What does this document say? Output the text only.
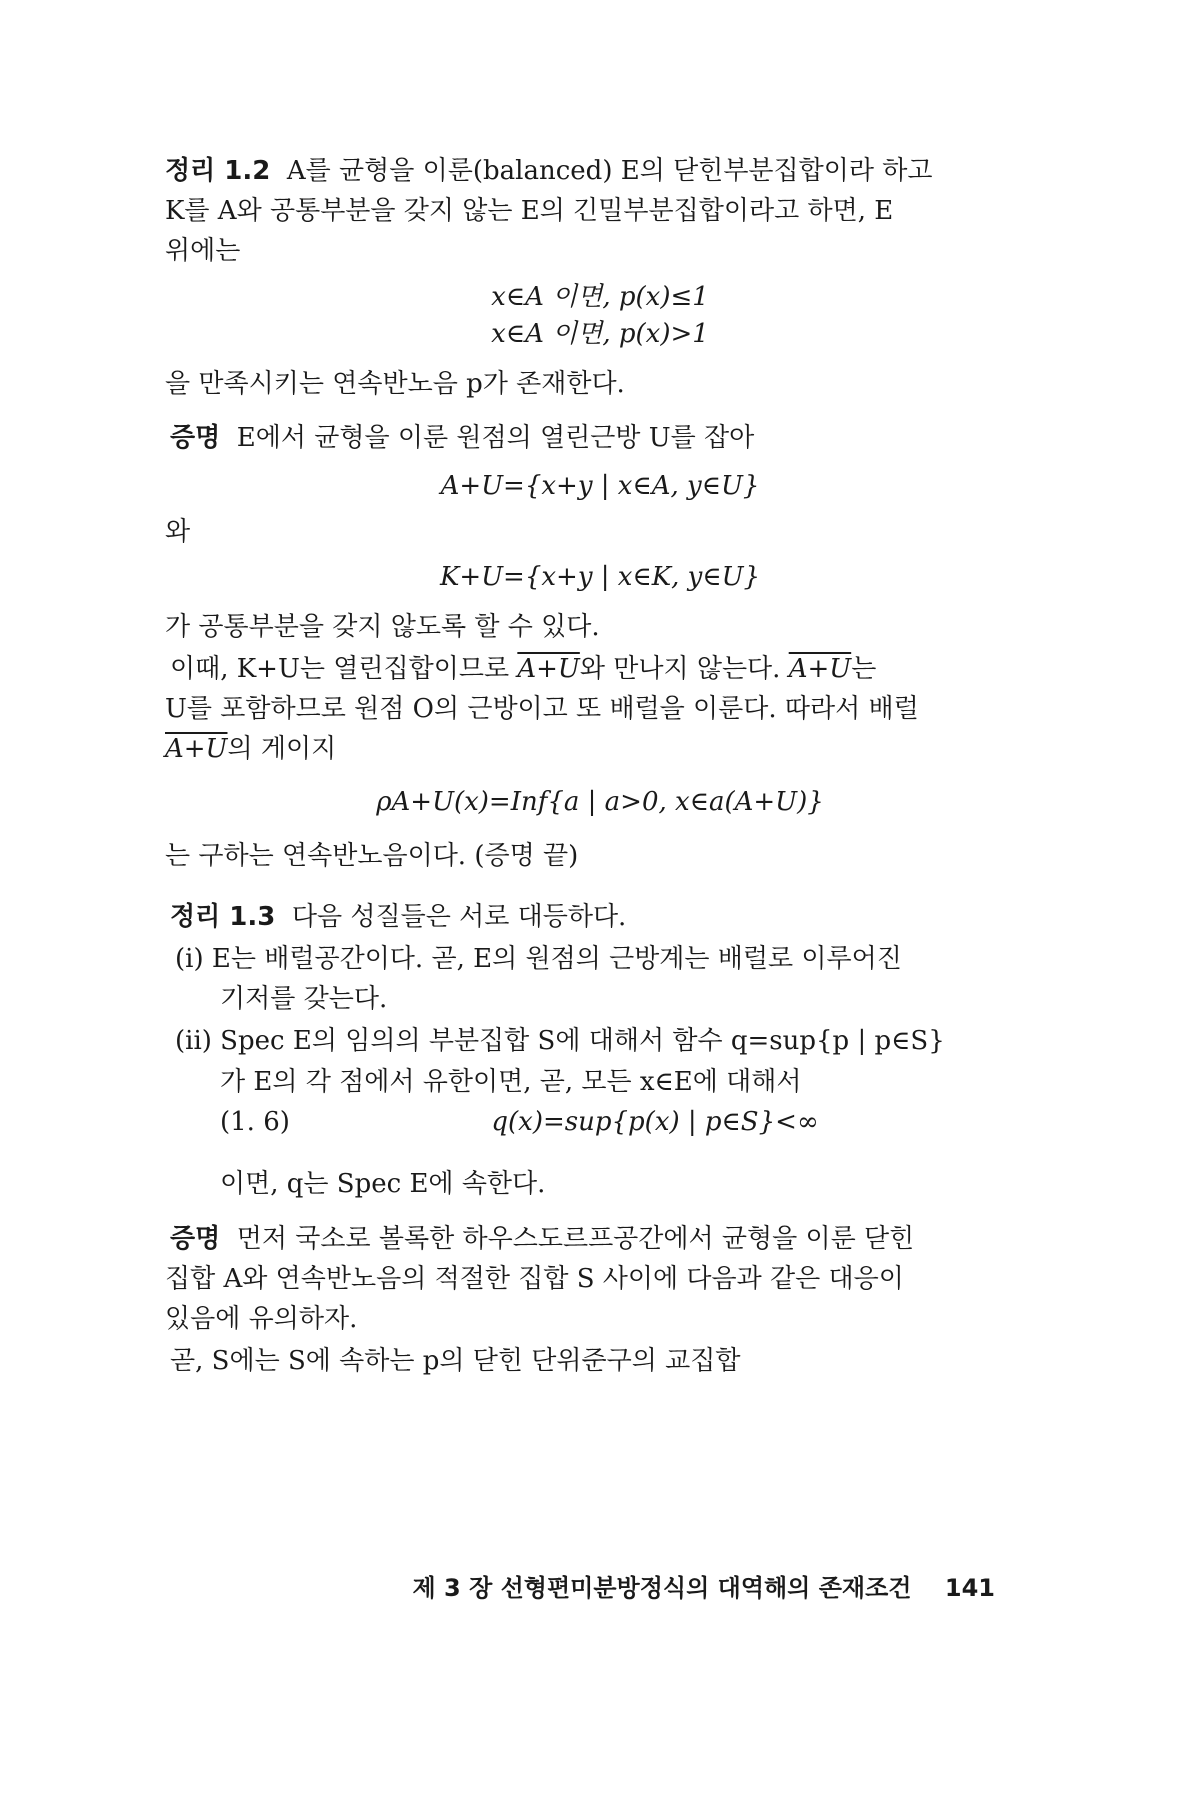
정리 1.2 A를 균형을 이룬(balanced) E의 닫힌부분집합이라 하고
K를 A와 공통부분을 갖지 않는 E의 긴밀부분집합이라고 하면, E
위에는
x∈A 이면, p(x)≤1
x∈A 이면, p(x)>1
을 만족시키는 연속반노음 p가 존재한다.
증명 E에서 균형을 이룬 원점의 열린근방 U를 잡아
A+U={x+y | x∈A, y∈U}
와
K+U={x+y | x∈K, y∈U}
가 공통부분을 갖지 않도록 할 수 있다.
이때, K+U는 열린집합이므로 A+U와 만나지 않는다. A+U는
U를 포함하므로 원점 O의 근방이고 또 배럴을 이룬다. 따라서 배럴
A+U의 게이지
ρA+U(x)=Inf{a | a>0, x∈a(A+U)}
는 구하는 연속반노음이다. (증명 끝)
정리 1.3 다음 성질들은 서로 대등하다.
(i) E는 배럴공간이다. 곧, E의 원점의 근방계는 배럴로 이루어진
기저를 갖는다.
(ii) Spec E의 임의의 부분집합 S에 대해서 함수 q=sup{p | p∈S}
가 E의 각 점에서 유한이면, 곧, 모든 x∈E에 대해서
(1. 6)	q(x)=sup{p(x) | p∈S}<∞
이면, q는 Spec E에 속한다.
증명 먼저 국소로 볼록한 하우스도르프공간에서 균형을 이룬 닫힌
집합 A와 연속반노음의 적절한 집합 S 사이에 다음과 같은 대응이
있음에 유의하자.
곧, S에는 S에 속하는 p의 닫힌 단위준구의 교집합
제 3 장 선형편미분방정식의 대역해의 존재조건 141
